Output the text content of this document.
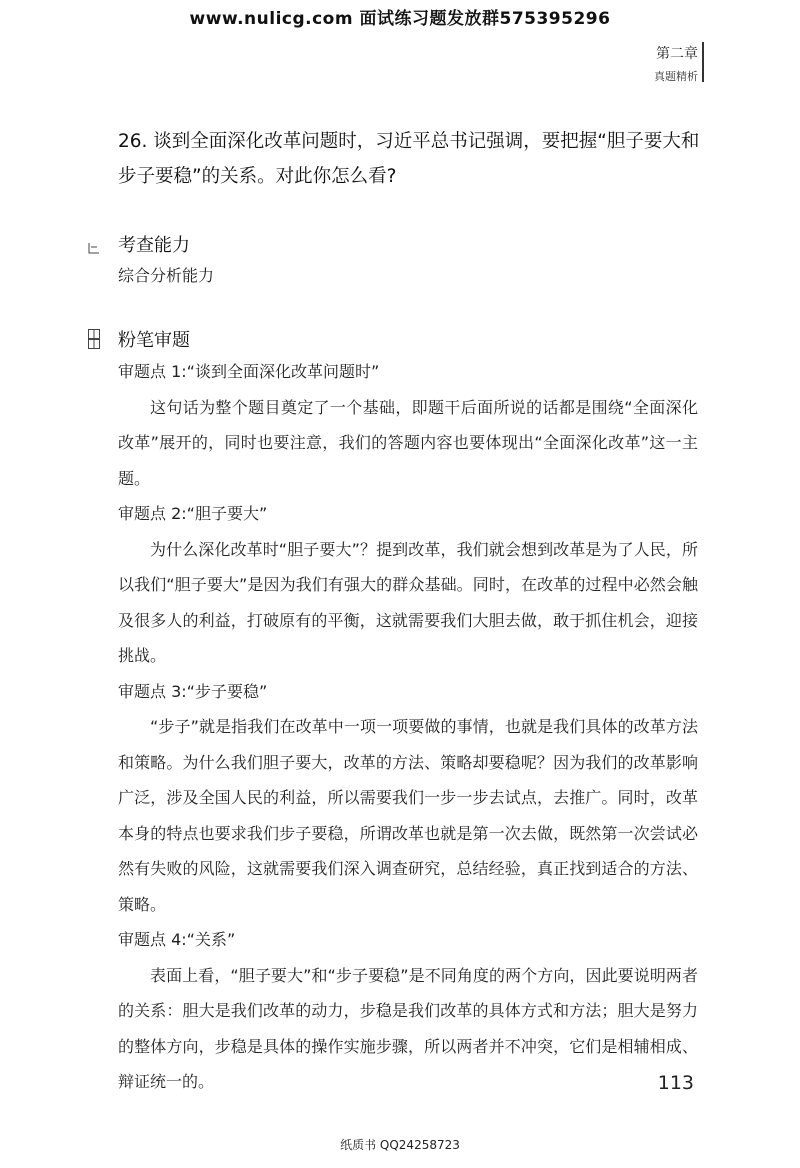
www.nulicg.com 面试练习题发放群575395296
第二章
真题精析
26. 谈到全面深化改革问题时，习近平总书记强调，要把握“胆子要大和步子要稳”的关系。对此你怎么看?
考查能力
综合分析能力
粉笔审题
审题点 1:“谈到全面深化改革问题时”
这句话为整个题目奠定了一个基础，即题干后面所说的话都是围绕“全面深化改革”展开的，同时也要注意，我们的答题内容也要体现出“全面深化改革”这一主题。
审题点 2:“胆子要大”
为什么深化改革时“胆子要大”？提到改革，我们就会想到改革是为了人民，所以我们“胆子要大”是因为我们有强大的群众基础。同时，在改革的过程中必然会触及很多人的利益，打破原有的平衡，这就需要我们大胆去做，敢于抓住机会，迎接挑战。
审题点 3:“步子要稳”
“步子”就是指我们在改革中一项一项要做的事情，也就是我们具体的改革方法和策略。为什么我们胆子要大，改革的方法、策略却要稳呢？因为我们的改革影响广泛，涉及全国人民的利益，所以需要我们一步一步去试点，去推广。同时，改革本身的特点也要求我们步子要稳，所谓改革也就是第一次去做，既然第一次尝试必然有失败的风险，这就需要我们深入调查研究，总结经验，真正找到适合的方法、策略。
审题点 4:“关系”
表面上看，“胆子要大”和“步子要稳”是不同角度的两个方向，因此要说明两者的关系：胆大是我们改革的动力，步稳是我们改革的具体方式和方法；胆大是努力的整体方向，步稳是具体的操作实施步骤，所以两者并不冲突，它们是相辅相成、辩证统一的。	113
纸质书 QQ24258723
